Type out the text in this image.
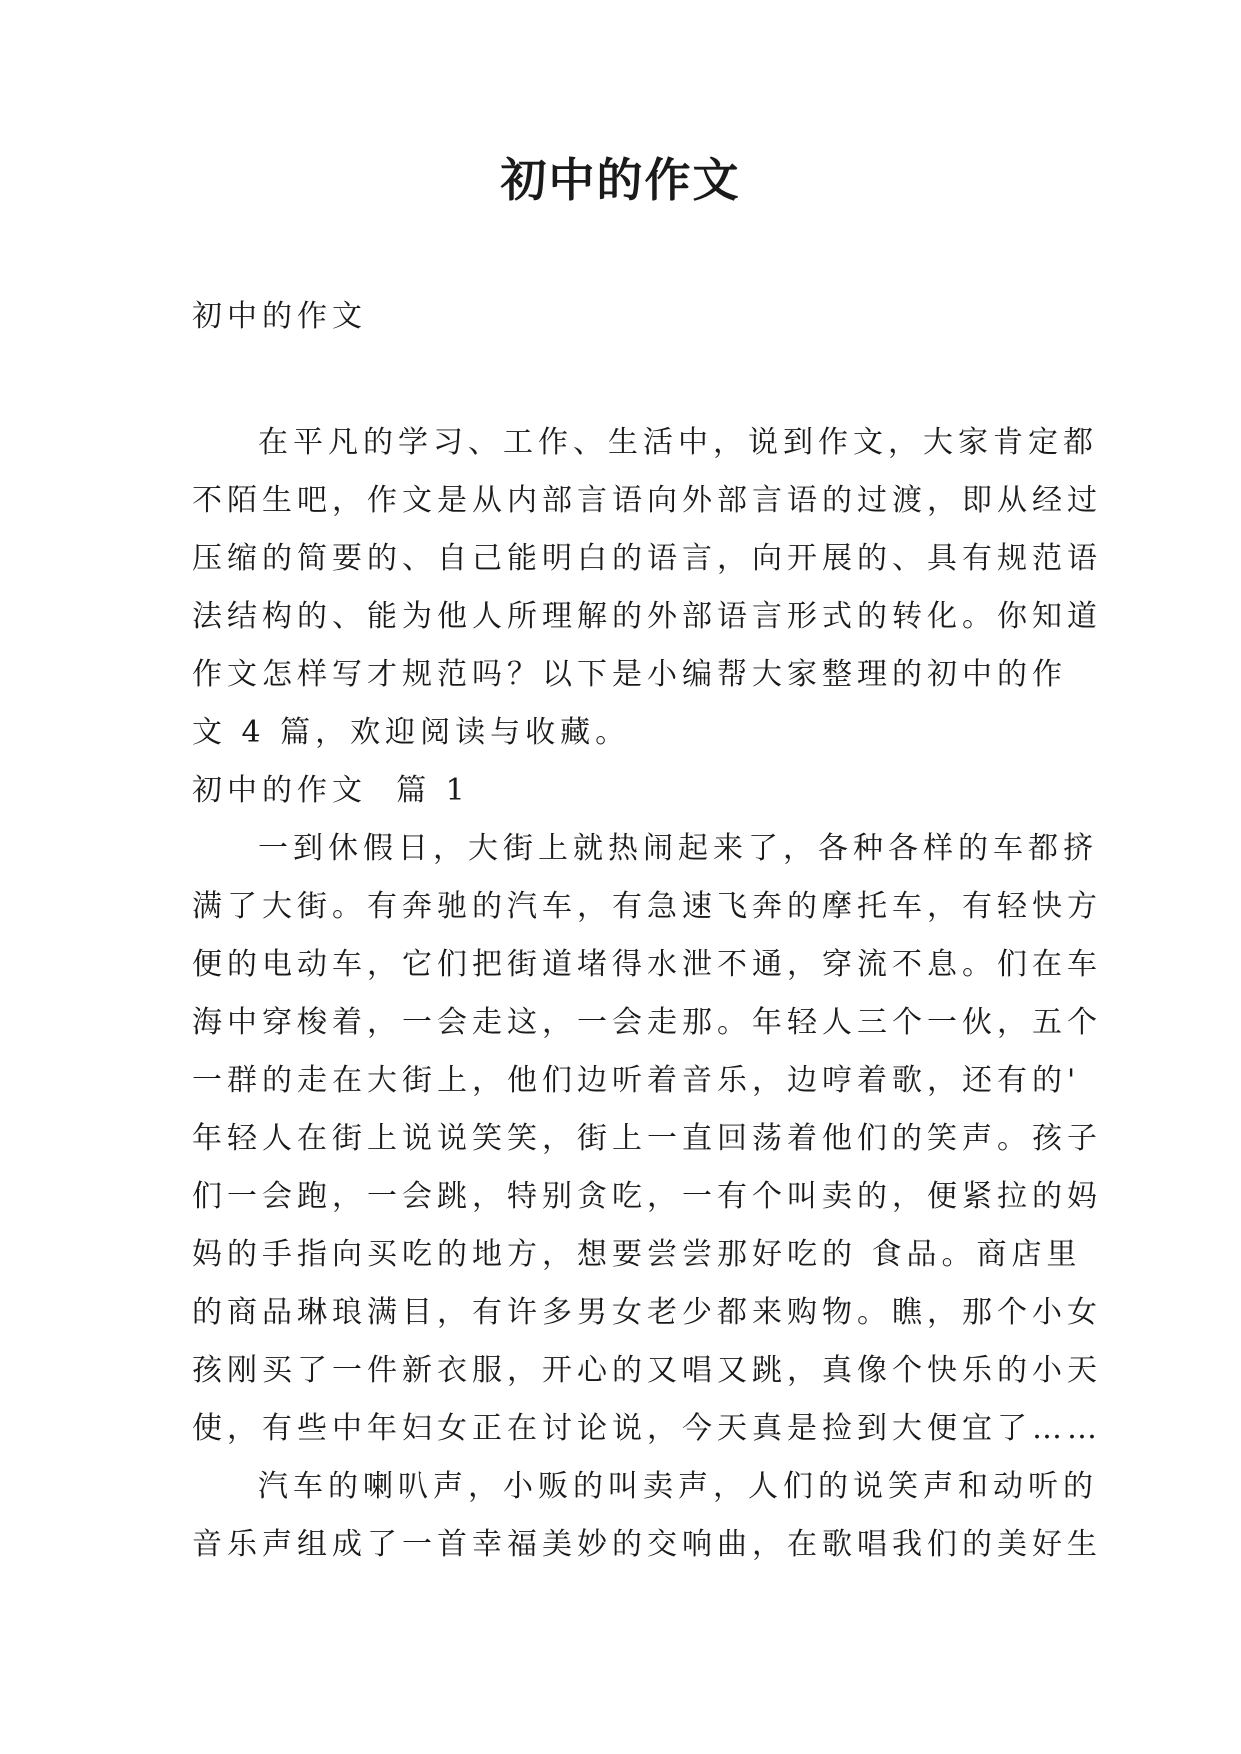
初中的作文

初中的作文

在平凡的学习、工作、生活中，说到作文，大家肯定都

不陌生吧，作文是从内部言语向外部言语的过渡，即从经过

压缩的简要的、自己能明白的语言，向开展的、具有规范语

法结构的、能为他人所理解的外部语言形式的转化。你知道

作文怎样写才规范吗？以下是小编帮大家整理的初中的作

文 4 篇，欢迎阅读与收藏。

初中的作文  篇 1

一到休假日，大街上就热闹起来了，各种各样的车都挤

满了大街。有奔驰的汽车，有急速飞奔的摩托车，有轻快方

便的电动车，它们把街道堵得水泄不通，穿流不息。们在车

海中穿梭着，一会走这，一会走那。年轻人三个一伙，五个

一群的走在大街上，他们边听着音乐，边哼着歌，还有的'

年轻人在街上说说笑笑，街上一直回荡着他们的笑声。孩子

们一会跑，一会跳，特别贪吃，一有个叫卖的，便紧拉的妈

妈的手指向买吃的地方，想要尝尝那好吃的 食品。商店里

的商品琳琅满目，有许多男女老少都来购物。瞧，那个小女

孩刚买了一件新衣服，开心的又唱又跳，真像个快乐的小天

使，有些中年妇女正在讨论说，今天真是捡到大便宜了……

汽车的喇叭声，小贩的叫卖声，人们的说笑声和动听的

音乐声组成了一首幸福美妙的交响曲，在歌唱我们的美好生
